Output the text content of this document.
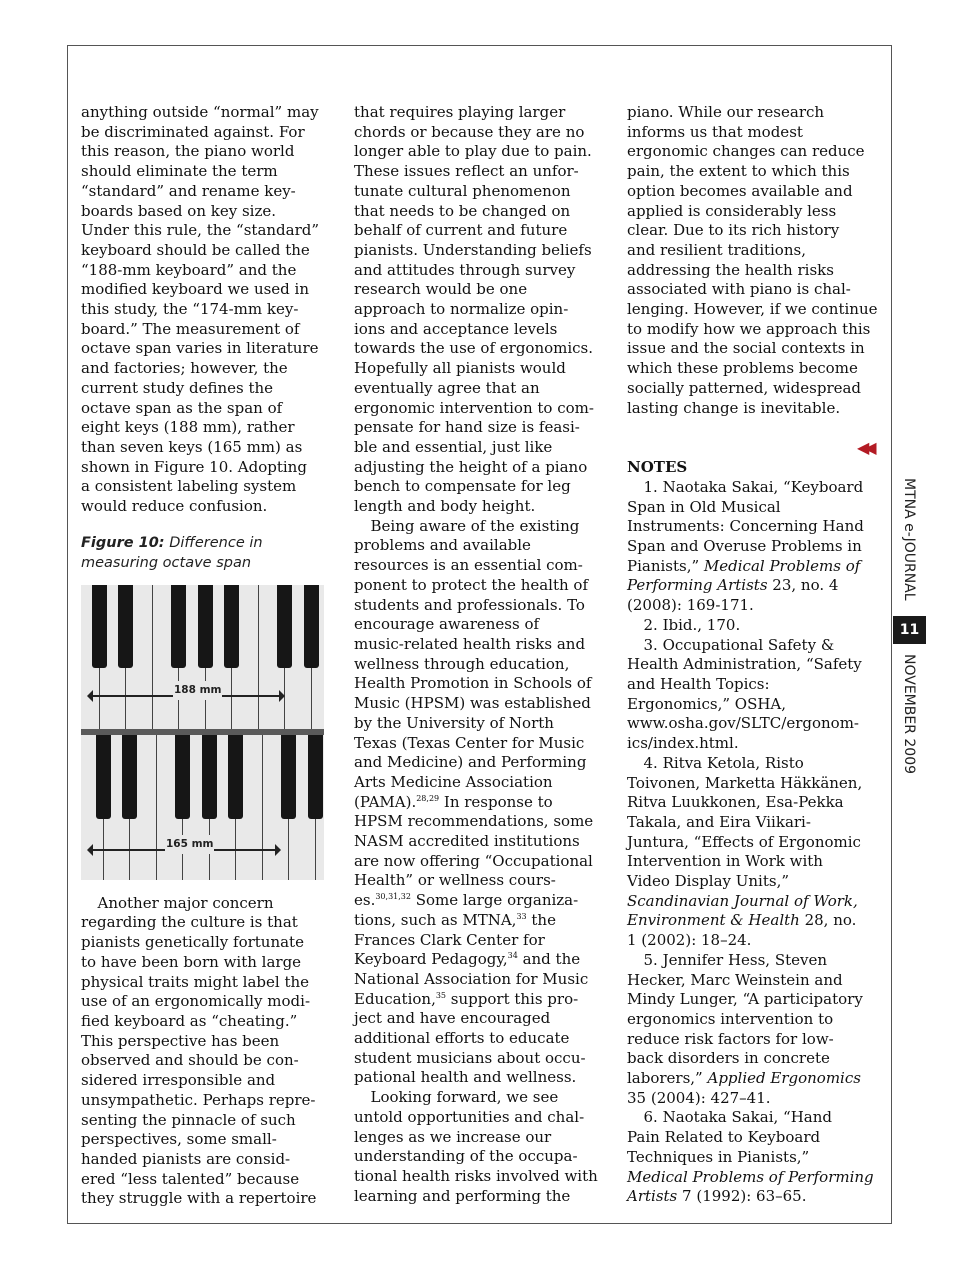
anything outside “normal” may
be discriminated against. For
this reason, the piano world
should eliminate the term
“standard” and rename key-
boards based on key size.
Under this rule, the “standard”
keyboard should be called the
“188-mm keyboard” and the
modified keyboard we used in
this study, the “174-mm key-
board.” The measurement of
octave span varies in literature
and factories; however, the
current study defines the
octave span as the span of
eight keys (188 mm), rather
than seven keys (165 mm) as
shown in Figure 10. Adopting
a consistent labeling system
would reduce confusion.

Figure 10: Difference in measuring octave span
188 mm
165 mm

Another major concern
regarding the culture is that
pianists genetically fortunate
to have been born with large
physical traits might label the
use of an ergonomically modi-
fied keyboard as “cheating.”
This perspective has been
observed and should be con-
sidered irresponsible and
unsympathetic. Perhaps repre-
senting the pinnacle of such
perspectives, some small-
handed pianists are consid-
ered “less talented” because
they struggle with a repertoire

that requires playing larger
chords or because they are no
longer able to play due to pain.
These issues reflect an unfor-
tunate cultural phenomenon
that needs to be changed on
behalf of current and future
pianists. Understanding beliefs
and attitudes through survey
research would be one
approach to normalize opin-
ions and acceptance levels
towards the use of ergonomics.
Hopefully all pianists would
eventually agree that an
ergonomic intervention to com-
pensate for hand size is feasi-
ble and essential, just like
adjusting the height of a piano
bench to compensate for leg
length and body height.

Being aware of the existing
problems and available
resources is an essential com-
ponent to protect the health of
students and professionals. To
encourage awareness of
music-related health risks and
wellness through education,
Health Promotion in Schools of
Music (HPSM) was established
by the University of North
Texas (Texas Center for Music
and Medicine) and Performing
Arts Medicine Association
(PAMA).$^{28,29}$ In response to
HPSM recommendations, some
NASM accredited institutions
are now offering “Occupational
Health” or wellness cours-
es.$^{30,31,32}$ Some large organiza-
tions, such as MTNA,$^{33}$ the
Frances Clark Center for
Keyboard Pedagogy,$^{34}$ and the
National Association for Music
Education,$^{35}$ support this pro-
ject and have encouraged
additional efforts to educate
student musicians about occu-
pational health and wellness.

Looking forward, we see
untold opportunities and chal-
lenges as we increase our
understanding of the occupa-
tional health risks involved with
learning and performing the

piano. While our research
informs us that modest
ergonomic changes can reduce
pain, the extent to which this
option becomes available and
applied is considerably less
clear. Due to its rich history
and resilient traditions,
addressing the health risks
associated with piano is chal-
lenging. However, if we continue
to modify how we approach this
issue and the social contexts in
which these problems become
socially patterned, widespread
lasting change is inevitable.

NOTES

1. Naotaka Sakai, “Keyboard
Span in Old Musical
Instruments: Concerning Hand
Span and Overuse Problems in
Pianists,” Medical Problems of
Performing Artists 23, no. 4
(2008): 169-171.

2. Ibid., 170.

3. Occupational Safety &
Health Administration, “Safety
and Health Topics:
Ergonomics,” OSHA,
www.osha.gov/SLTC/ergonom-
ics/index.html.

4. Ritva Ketola, Risto
Toivonen, Marketta Häkkänen,
Ritva Luukkonen, Esa-Pekka
Takala, and Eira Viikari-
Juntura, “Effects of Ergonomic
Intervention in Work with
Video Display Units,”
Scandinavian Journal of Work,
Environment & Health 28, no.
1 (2002): 18–24.

5. Jennifer Hess, Steven
Hecker, Marc Weinstein and
Mindy Lunger, “A participatory
ergonomics intervention to
reduce risk factors for low-
back disorders in concrete
laborers,” Applied Ergonomics
35 (2004): 427–41.

6. Naotaka Sakai, “Hand
Pain Related to Keyboard
Techniques in Pianists,”
Medical Problems of Performing
Artists 7 (1992): 63–65.

◀◀
MTNA e-JOURNAL
11
NOVEMBER 2009
